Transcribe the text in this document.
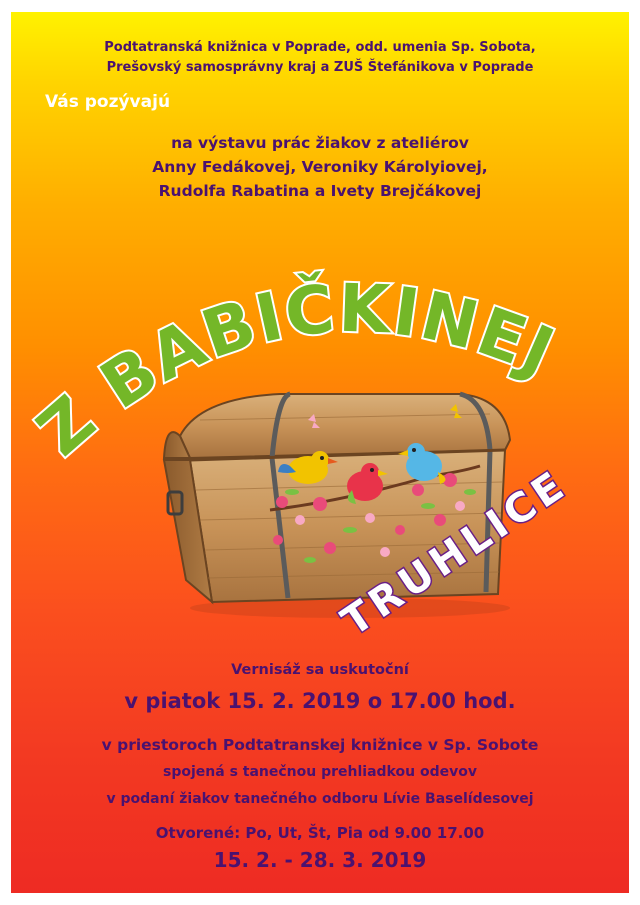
Podtatranská knižnica v Poprade, odd. umenia Sp. Sobota,
Prešovský samosprávny kraj a ZUŠ Štefánikova v Poprade
Vás pozývajú
na výstavu prác žiakov z ateliérov
Anny Fedákovej, Veroniky Károlyiovej,
Rudolfa Rabatina a Ivety Brejčákovej
Z BABIČKINEJ
TRUHLICE
Vernisáž sa uskutoční
v piatok 15. 2. 2019 o 17.00 hod.
v priestoroch Podtatranskej knižnice v Sp. Sobote
spojená s tanečnou prehliadkou odevov
v podaní žiakov tanečného odboru Lívie Baselídesovej
Otvorené: Po, Ut, Št, Pia od 9.00 17.00
15. 2. - 28. 3. 2019
